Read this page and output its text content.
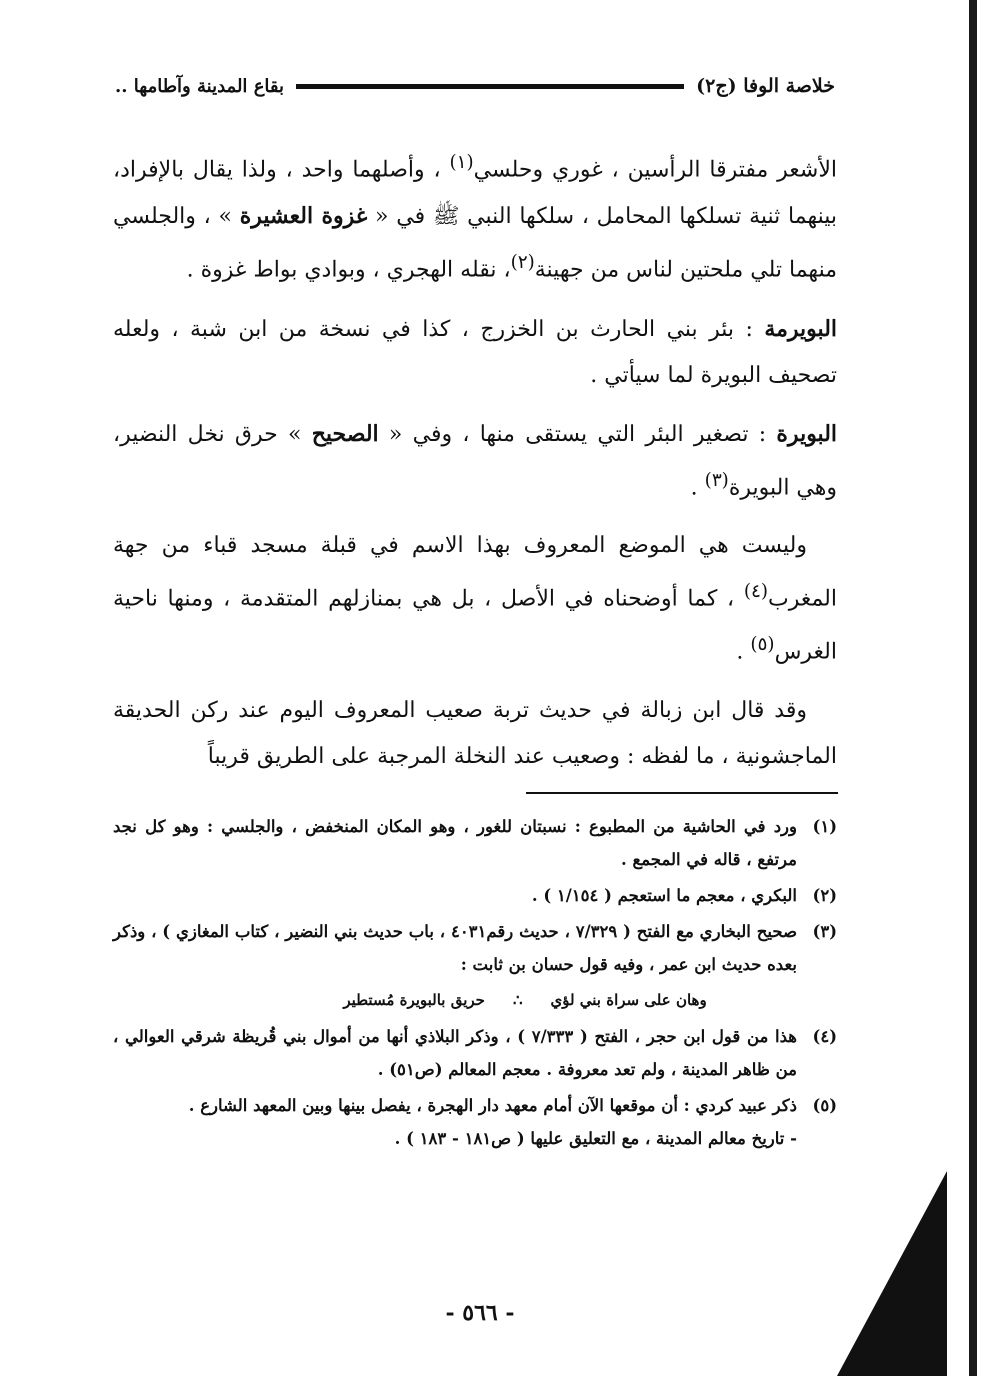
خلاصة الوفا (ج٢)
بقاع المدينة وآطامها ..

الأشعر مفترقا الرأسين ، غوري وحلسي$^{(١)}$ ، وأصلهما واحد ، ولذا يقال بالإفراد، بينهما ثنية تسلكها المحامل ، سلكها النبي ﷺ في « غزوة العشيرة » ، والجلسي منهما تلي ملحتين لناس من جهينة$^{(٢)}$، نقله الهجري ، وبوادي بواط غزوة .

البويرمة : بئر بني الحارث بن الخزرج ، كذا في نسخة من ابن شبة ، ولعله تصحيف البويرة لما سيأتي .

البويرة : تصغير البئر التي يستقى منها ، وفي « الصحيح » حرق نخل النضير، وهي البويرة$^{(٣)}$ .

وليست هي الموضع المعروف بهذا الاسم في قبلة مسجد قباء من جهة المغرب$^{(٤)}$ ، كما أوضحناه في الأصل ، بل هي بمنازلهم المتقدمة ، ومنها ناحية الغرس$^{(٥)}$ .

وقد قال ابن زبالة في حديث تربة صعيب المعروف اليوم عند ركن الحديقة الماجشونية ، ما لفظه : وصعيب عند النخلة المرجبة على الطريق قريباً

(١)
ورد في الحاشية من المطبوع : نسبتان للغور ، وهو المكان المنخفض ، والجلسي : وهو كل نجد مرتفع ، قاله في المجمع .
(٢)
البكري ، معجم ما استعجم ( ١/١٥٤ ) .
(٣)
صحيح البخاري مع الفتح ( ٧/٣٢٩ ، حديث رقم٤٠٣١ ، باب حديث بني النضير ، كتاب المغازي ) ، وذكر بعده حديث ابن عمر ، وفيه قول حسان بن ثابت :
وهان على سراة بني لؤي
∴
حريق بالبويرة مُستطير
(٤)
هذا من قول ابن حجر ، الفتح ( ٧/٣٣٣ ) ، وذكر البلاذي أنها من أموال بني قُريظة شرقي العوالي ، من ظاهر المدينة ، ولم تعد معروفة . معجم المعالم (ص٥١) .
(٥)
ذكر عبيد كردي : أن موقعها الآن أمام معهد دار الهجرة ، يفصل بينها وبين المعهد الشارع .
- تاريخ معالم المدينة ، مع التعليق عليها ( ص١٨١ - ١٨٣ ) .
- ٥٦٦ -
